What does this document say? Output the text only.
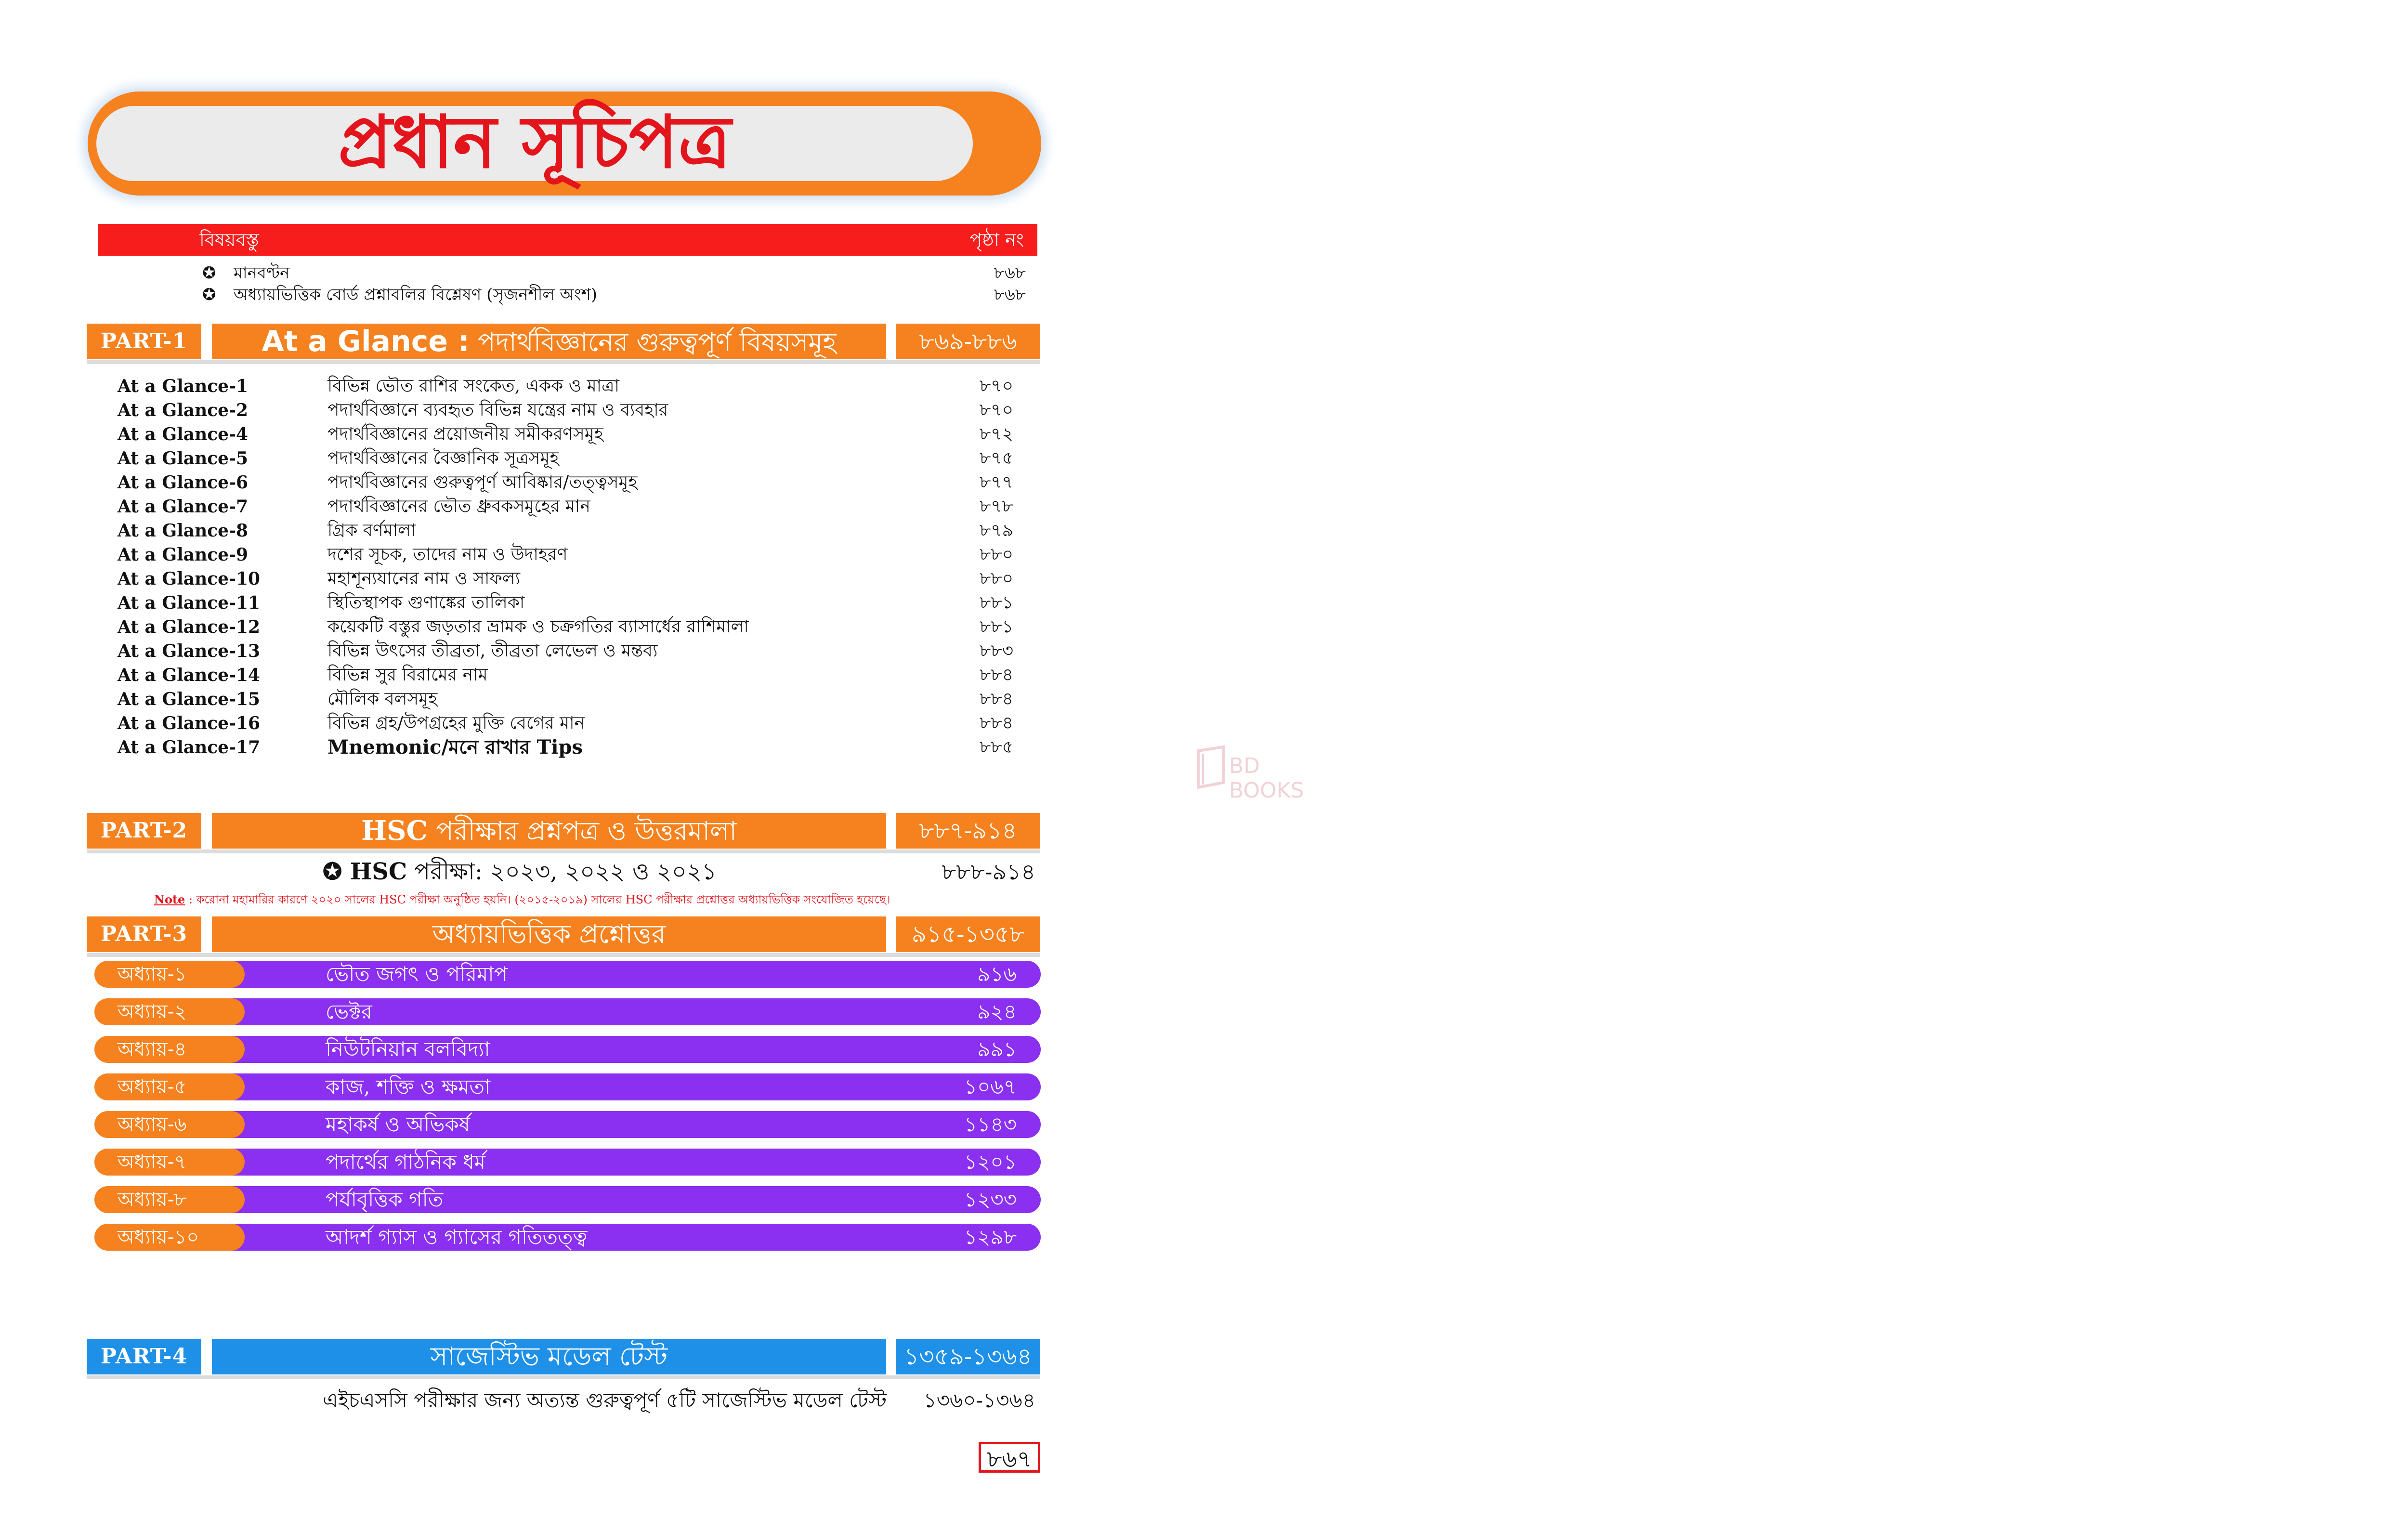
প্রধান সূচিপত্র
বিষয়বস্তু	পৃষ্ঠা নং
✪ মানবণ্টন	৮৬৮
✪ অধ্যায়ভিত্তিক বোর্ড প্রশ্নাবলির বিশ্লেষণ (সৃজনশীল অংশ)	৮৬৮
PART-1	At a Glance : পদার্থবিজ্ঞানের গুরুত্বপূর্ণ বিষয়সমূহ	৮৬৯-৮৮৬
At a Glance-1	বিভিন্ন ভৌত রাশির সংকেত, একক ও মাত্রা	৮৭০
At a Glance-2	পদার্থবিজ্ঞানে ব্যবহৃত বিভিন্ন যন্ত্রের নাম ও ব্যবহার	৮৭০
At a Glance-4	পদার্থবিজ্ঞানের প্রয়োজনীয় সমীকরণসমূহ	৮৭২
At a Glance-5	পদার্থবিজ্ঞানের বৈজ্ঞানিক সূত্রসমূহ	৮৭৫
At a Glance-6	পদার্থবিজ্ঞানের গুরুত্বপূর্ণ আবিষ্কার/তত্ত্বসমূহ	৮৭৭
At a Glance-7	পদার্থবিজ্ঞানের ভৌত ধ্রুবকসমূহের মান	৮৭৮
At a Glance-8	গ্রিক বর্ণমালা	৮৭৯
At a Glance-9	দশের সূচক, তাদের নাম ও উদাহরণ	৮৮০
At a Glance-10	মহাশূন্যযানের নাম ও সাফল্য	৮৮০
At a Glance-11	স্থিতিস্থাপক গুণাঙ্কের তালিকা	৮৮১
At a Glance-12	কয়েকটি বস্তুর জড়তার ভ্রামক ও চক্রগতির ব্যাসার্ধের রাশিমালা	৮৮১
At a Glance-13	বিভিন্ন উৎসের তীব্রতা, তীব্রতা লেভেল ও মন্তব্য	৮৮৩
At a Glance-14	বিভিন্ন সুর বিরামের নাম	৮৮৪
At a Glance-15	মৌলিক বলসমূহ	৮৮৪
At a Glance-16	বিভিন্ন গ্রহ/উপগ্রহের মুক্তি বেগের মান	৮৮৪
At a Glance-17	Mnemonic/মনে রাখার Tips	৮৮৫
BD BOOKS
PART-2	HSC পরীক্ষার প্রশ্নপত্র ও উত্তরমালা	৮৮৭-৯১৪
✪ HSC পরীক্ষা: ২০২৩, ২০২২ ও ২০২১	৮৮৮-৯১৪
Note : করোনা মহামারির কারণে ২০২০ সালের HSC পরীক্ষা অনুষ্ঠিত হয়নি। (২০১৫-২০১৯) সালের HSC পরীক্ষার প্রশ্নোত্তর অধ্যায়ভিত্তিক সংযোজিত হয়েছে।
PART-3	অধ্যায়ভিত্তিক প্রশ্নোত্তর	৯১৫-১৩৫৮
অধ্যায়-১	ভৌত জগৎ ও পরিমাপ	৯১৬
অধ্যায়-২	ভেক্টর	৯২৪
অধ্যায়-৪	নিউটনিয়ান বলবিদ্যা	৯৯১
অধ্যায়-৫	কাজ, শক্তি ও ক্ষমতা	১০৬৭
অধ্যায়-৬	মহাকর্ষ ও অভিকর্ষ	১১৪৩
অধ্যায়-৭	পদার্থের গাঠনিক ধর্ম	১২০১
অধ্যায়-৮	পর্যাবৃত্তিক গতি	১২৩৩
অধ্যায়-১০	আদর্শ গ্যাস ও গ্যাসের গতিতত্ত্ব	১২৯৮
PART-4	সাজেস্টিভ মডেল টেস্ট	১৩৫৯-১৩৬৪
এইচএসসি পরীক্ষার জন্য অত্যন্ত গুরুত্বপূর্ণ ৫টি সাজেস্টিভ মডেল টেস্ট	১৩৬০-১৩৬৪
৮৬৭
